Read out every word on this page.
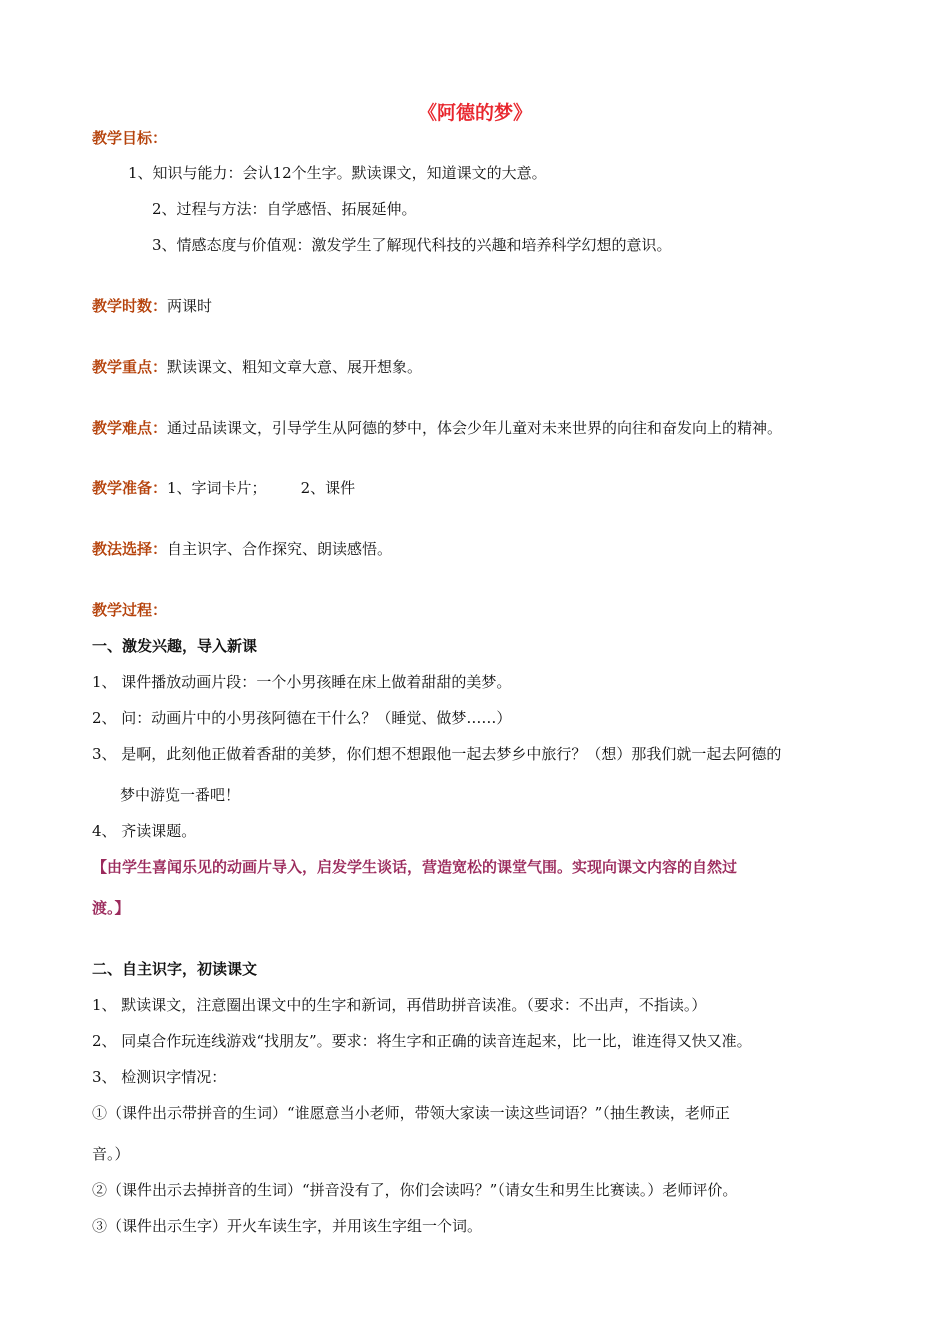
《阿德的梦》
教学目标：
1、知识与能力：会认12个生字。默读课文，知道课文的大意。
2、过程与方法：自学感悟、拓展延伸。
3、情感态度与价值观：激发学生了解现代科技的兴趣和培养科学幻想的意识。
教学时数：两课时
教学重点：默读课文、粗知文章大意、展开想象。
教学难点：通过品读课文，引导学生从阿德的梦中，体会少年儿童对未来世界的向往和奋发向上的精神。
教学准备：1、字词卡片； 2、课件
教法选择：自主识字、合作探究、朗读感悟。
教学过程：
一、激发兴趣，导入新课
1、 课件播放动画片段：一个小男孩睡在床上做着甜甜的美梦。
2、 问：动画片中的小男孩阿德在干什么？（睡觉、做梦……）
3、 是啊，此刻他正做着香甜的美梦，你们想不想跟他一起去梦乡中旅行？（想）那我们就一起去阿德的
梦中游览一番吧！
4、 齐读课题。
【由学生喜闻乐见的动画片导入，启发学生谈话，营造宽松的课堂气围。实现向课文内容的自然过
渡。】
二、自主识字，初读课文
1、 默读课文，注意圈出课文中的生字和新词，再借助拼音读准。（要求：不出声，不指读。）
2、 同桌合作玩连线游戏“找朋友”。要求：将生字和正确的读音连起来，比一比，谁连得又快又准。
3、 检测识字情况：
①（课件出示带拼音的生词）“谁愿意当小老师，带领大家读一读这些词语？”（抽生教读，老师正
音。）
②（课件出示去掉拼音的生词）“拼音没有了，你们会读吗？”（请女生和男生比赛读。）老师评价。
③（课件出示生字）开火车读生字，并用该生字组一个词。
